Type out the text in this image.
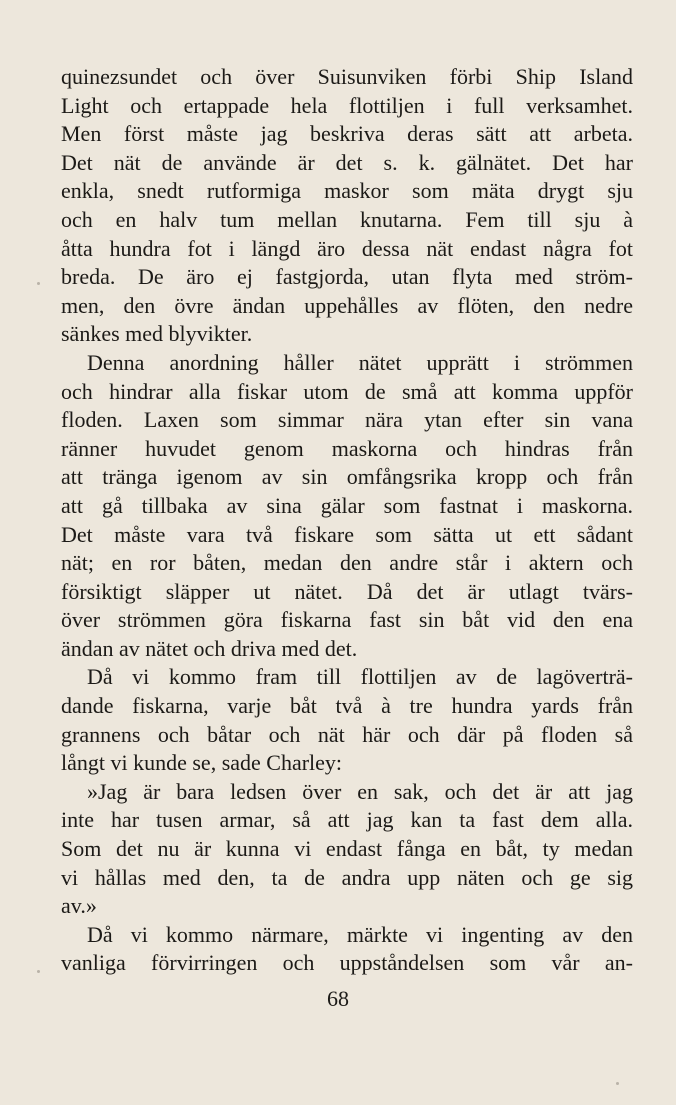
quinezsundet och över Suisunviken förbi Ship Island
Light och ertappade hela flottiljen i full verksamhet.
Men först måste jag beskriva deras sätt att arbeta.
Det nät de använde är det s. k. gälnätet. Det har
enkla, snedt rutformiga maskor som mäta drygt sju
och en halv tum mellan knutarna. Fem till sju à
åtta hundra fot i längd äro dessa nät endast några fot
breda. De äro ej fastgjorda, utan flyta med ström-
men, den övre ändan uppehålles av flöten, den nedre
sänkes med blyvikter.
Denna anordning håller nätet upprätt i strömmen
och hindrar alla fiskar utom de små att komma uppför
floden. Laxen som simmar nära ytan efter sin vana
ränner huvudet genom maskorna och hindras från
att tränga igenom av sin omfångsrika kropp och från
att gå tillbaka av sina gälar som fastnat i maskorna.
Det måste vara två fiskare som sätta ut ett sådant
nät; en ror båten, medan den andre står i aktern och
försiktigt släpper ut nätet. Då det är utlagt tvärs-
över strömmen göra fiskarna fast sin båt vid den ena
ändan av nätet och driva med det.
Då vi kommo fram till flottiljen av de lagöverträ-
dande fiskarna, varje båt två à tre hundra yards från
grannens och båtar och nät här och där på floden så
långt vi kunde se, sade Charley:
»Jag är bara ledsen över en sak, och det är att jag
inte har tusen armar, så att jag kan ta fast dem alla.
Som det nu är kunna vi endast fånga en båt, ty medan
vi hållas med den, ta de andra upp näten och ge sig
av.»
Då vi kommo närmare, märkte vi ingenting av den
vanliga förvirringen och uppståndelsen som vår an-
68
